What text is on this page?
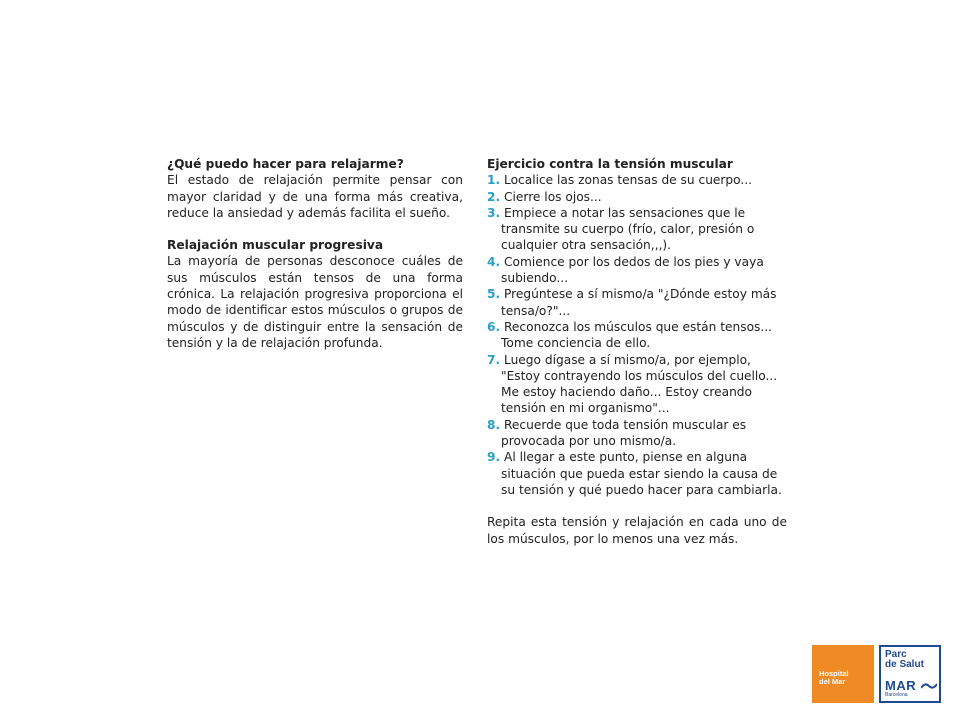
¿Qué puedo hacer para relajarme?

El estado de relajación permite pensar con mayor claridad y de una forma más creativa, reduce la ansiedad y además facilita el sueño.

Relajación muscular progresiva

La mayoría de personas desconoce cuáles de sus músculos están tensos de una forma crónica. La relajación progresiva proporciona el modo de identificar estos músculos o grupos de músculos y de distinguir entre la sensación de tensión y la de relajación profunda.

Ejercicio contra la tensión muscular

1. Localice las zonas tensas de su cuerpo...
2. Cierre los ojos...
3. Empiece a notar las sensaciones que le transmite su cuerpo (frío, calor, presión o cualquier otra sensación,,,).
4. Comience por los dedos de los pies y vaya subiendo...
5. Pregúntese a sí mismo/a "¿Dónde estoy más tensa/o?"...
6. Reconozca los músculos que están tensos... Tome conciencia de ello.
7. Luego dígase a sí mismo/a, por ejemplo, "Estoy contrayendo los músculos del cuello... Me estoy haciendo daño... Estoy creando tensión en mi organismo"...
8. Recuerde que toda tensión muscular es provocada por uno mismo/a.
9. Al llegar a este punto, piense en alguna situación que pueda estar siendo la causa de su tensión y qué puedo hacer para cambiarla.

Repita esta tensión y relajación en cada uno de los músculos, por lo menos una vez más.

Hospital
del Mar
Parc
de Salut
MAR
Barcelona
